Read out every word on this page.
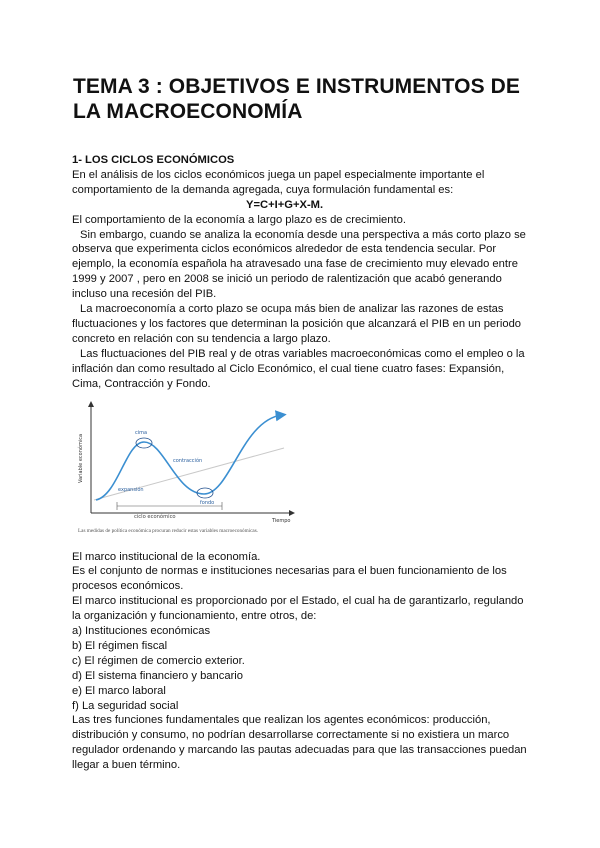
TEMA 3 : OBJETIVOS E INSTRUMENTOS DE LA MACROECONOMÍA

1- LOS CICLOS ECONÓMICOS

En el análisis de los ciclos económicos juega un papel especialmente importante el comportamiento de la demanda agregada, cuya formulación fundamental es:

Y=C+I+G+X-M.

El comportamiento de la economía a largo plazo es de crecimiento.

Sin embargo, cuando se analiza la economía desde una perspectiva a más corto plazo se observa que experimenta ciclos económicos alrededor de esta tendencia secular. Por ejemplo, la economía española ha atravesado una fase de crecimiento muy elevado entre 1999 y 2007 , pero en 2008 se inició un periodo de ralentización que acabó generando incluso una recesión del PIB.

La macroeconomía a corto plazo se ocupa más bien de analizar las razones de estas fluctuaciones y los factores que determinan la posición que alcanzará el PIB en un periodo concreto en relación con su tendencia a largo plazo.

Las fluctuaciones del PIB real y de otras variables macroeconómicas como el empleo o la inflación dan como resultado al Ciclo Económico, el cual tiene cuatro fases: Expansión, Cima, Contracción y Fondo.

Variable económica
Tiempo
cima
contracción
expansión
fondo
ciclo económico
Las medidas de política económica procuran reducir estas variables macroeconómicas.

El marco institucional de la economía.

Es el conjunto de normas e instituciones necesarias para el buen funcionamiento de los procesos económicos.

El marco institucional es proporcionado por el Estado, el cual ha de garantizarlo, regulando la organización y funcionamiento, entre otros, de:

a) Instituciones económicas

b) El régimen fiscal

c) El régimen de comercio exterior.

d) El sistema financiero y bancario

e) El marco laboral

f) La seguridad social

Las tres funciones fundamentales que realizan los agentes económicos: producción, distribución y consumo, no podrían desarrollarse correctamente si no existiera un marco regulador ordenando y marcando las pautas adecuadas para que las transacciones puedan llegar a buen término.
